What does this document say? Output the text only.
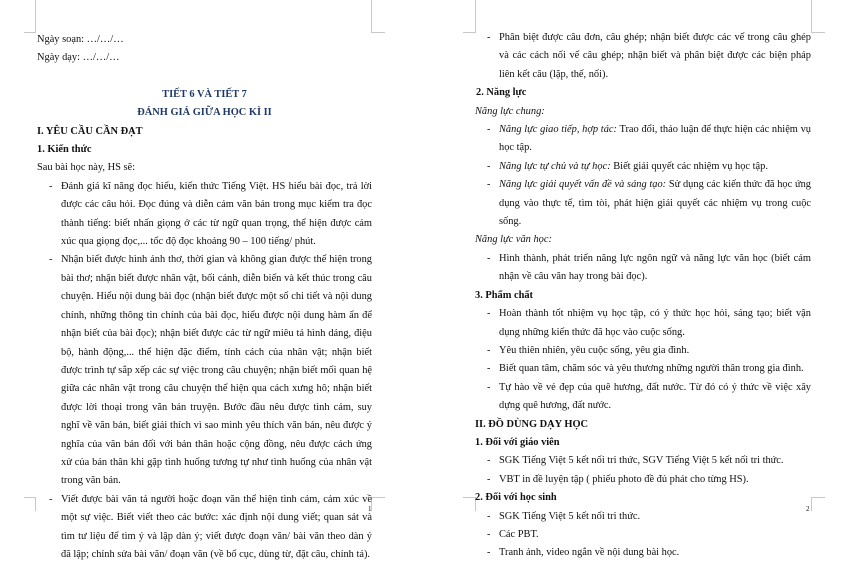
Ngày soạn: …/…/…
Ngày dạy: …/…/…
TIẾT 6 VÀ TIẾT 7
ĐÁNH GIÁ GIỮA HỌC KÌ II
I. YÊU CẦU CẦN ĐẠT
1. Kiến thức
Sau bài học này, HS sẽ:
- Đánh giá kĩ năng đọc hiểu, kiến thức Tiếng Việt. HS hiểu bài đọc, trả lời được các câu hỏi. Đọc đúng và diễn cảm văn bản trong mục kiểm tra đọc thành tiếng: biết nhấn giọng ở các từ ngữ quan trọng, thể hiện được cảm xúc qua giọng đọc,... tốc độ đọc khoảng 90 – 100 tiếng/ phút.
- Nhận biết được hình ảnh thơ, thời gian và không gian được thể hiện trong bài thơ; nhận biết được nhân vật, bối cảnh, diễn biến và kết thúc trong câu chuyện. Hiểu nội dung bài đọc (nhận biết được một số chi tiết và nội dung chính, những thông tin chính của bài đọc, hiểu được nội dung hàm ẩn để nhận biết của bài đọc); nhận biết được các từ ngữ miêu tả hình dáng, điệu bộ, hành động,... thể hiện đặc điểm, tính cách của nhân vật; nhận biết được trình tự sắp xếp các sự việc trong câu chuyện; nhận biết mối quan hệ giữa các nhân vật trong câu chuyện thể hiện qua cách xưng hô; nhận biết được lời thoại trong văn bản truyện. Bước đầu nêu được tình cảm, suy nghĩ về văn bản, biết giải thích vì sao mình yêu thích văn bản, nêu được ý nghĩa của văn bản đối với bản thân hoặc cộng đồng, nêu được cách ứng xử của bản thân khi gặp tình huống tương tự như tình huống của nhân vật trong văn bản.
- Viết được bài văn tả người hoặc đoạn văn thể hiện tình cảm, cảm xúc về một sự việc. Biết viết theo các bước: xác định nội dung viết; quan sát và tìm tư liệu để tìm ý và lập dàn ý; viết được đoạn văn/ bài văn theo dàn ý đã lập; chỉnh sửa bài văn/ đoạn văn (về bố cục, dùng từ, đặt câu, chính tả).
1
- Phân biệt được câu đơn, câu ghép; nhận biết được các vế trong câu ghép và các cách nối vế câu ghép; nhận biết và phân biệt được các biện pháp liên kết câu (lặp, thế, nối).
2. Năng lực
Năng lực chung:
- Năng lực giao tiếp, hợp tác: Trao đổi, thảo luận để thực hiện các nhiệm vụ học tập.
- Năng lực tự chủ và tự học: Biết giải quyết các nhiệm vụ học tập.
- Năng lực giải quyết vấn đề và sáng tạo: Sử dụng các kiến thức đã học ứng dụng vào thực tế, tìm tòi, phát hiện giải quyết các nhiệm vụ trong cuộc sống.
Năng lực văn học:
- Hình thành, phát triển năng lực ngôn ngữ và năng lực văn học (biết cảm nhận về câu văn hay trong bài đọc).
3. Phẩm chất
- Hoàn thành tốt nhiệm vụ học tập, có ý thức học hỏi, sáng tạo; biết vận dụng những kiến thức đã học vào cuộc sống.
- Yêu thiên nhiên, yêu cuộc sống, yêu gia đình.
- Biết quan tâm, chăm sóc và yêu thương những người thân trong gia đình.
- Tự hào về vẻ đẹp của quê hương, đất nước. Từ đó có ý thức về việc xây dựng quê hương, đất nước.
II. ĐỒ DÙNG DẠY HỌC
1. Đối với giáo viên
- SGK Tiếng Việt 5 kết nối tri thức, SGV Tiếng Việt 5 kết nối tri thức.
- VBT in đề luyện tập ( phiếu photo đề đủ phát cho từng HS).
2. Đối với học sinh
- SGK Tiếng Việt 5 kết nối tri thức.
- Các PBT.
- Tranh ảnh, video ngắn về nội dung bài học.
2
